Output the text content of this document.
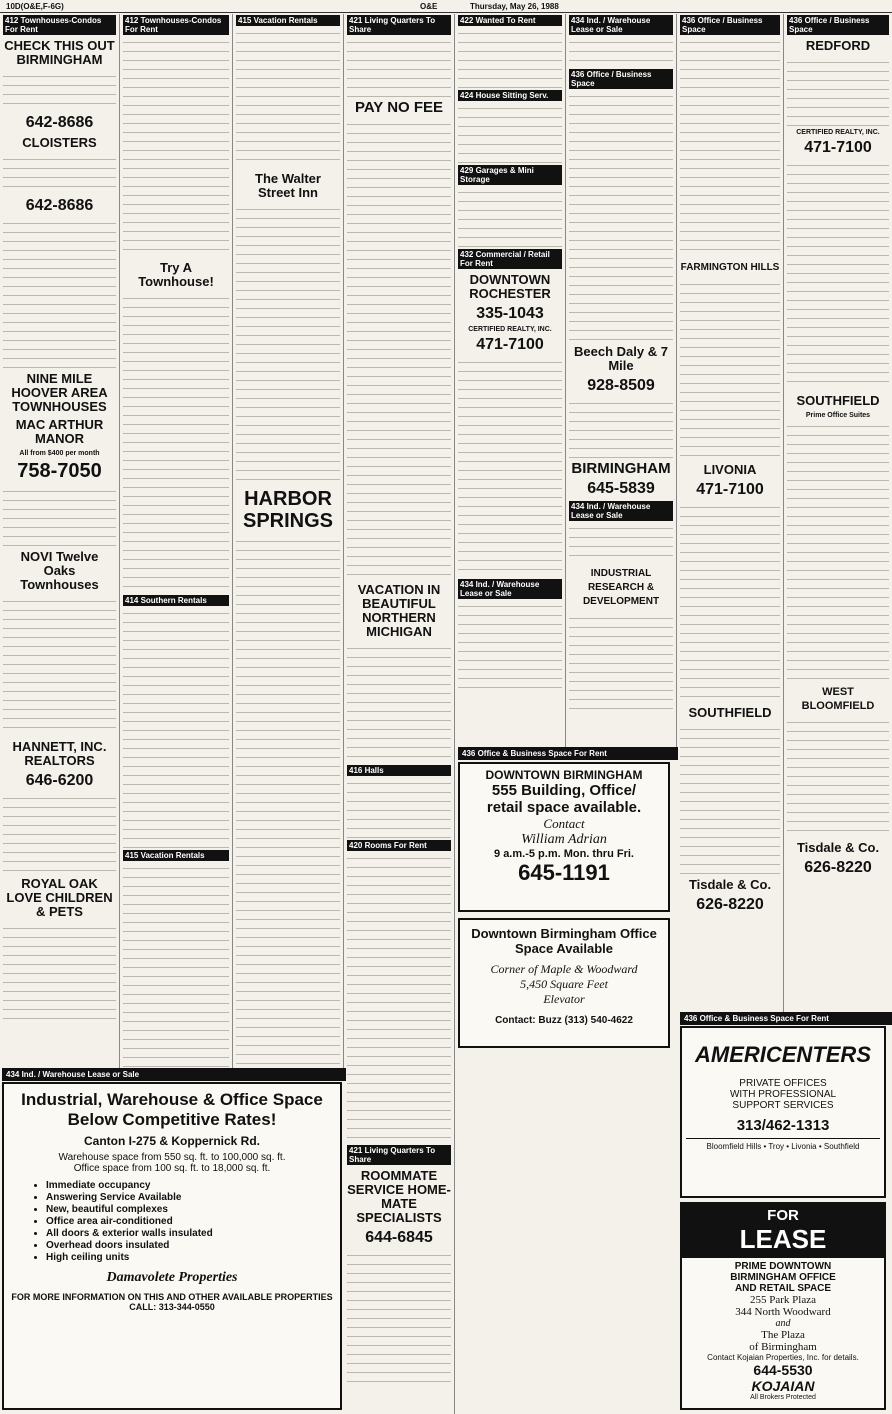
10D(O&E,F-6G)	O&E	Thursday, May 26, 1988
412 Townhouses-Condos For Rent
CHECK THIS OUT BIRMINGHAM
642-8686
CLOISTERS
642-8686
NINE MILE HOOVER AREA TOWNHOUSES
MAC ARTHUR MANOR
All from $400 per month
758-7050
NOVI Twelve Oaks Townhouses
HANNETT, INC. REALTORS
646-6200
ROYAL OAK LOVE CHILDREN & PETS
412 Townhouses-Condos For Rent
Try A Townhouse!
414 Southern Rentals
415 Vacation Rentals
415 Vacation Rentals
The Walter Street Inn
HARBOR SPRINGS
421 Living Quarters To Share
PAY NO FEE
VACATION IN BEAUTIFUL NORTHERN MICHIGAN
416 Halls
420 Rooms For Rent
421 Living Quarters To Share
ROOMMATE SERVICE HOME-MATE SPECIALISTS
644-6845
422 Wanted To Rent
424 House Sitting Serv.
429 Garages & Mini Storage
432 Commercial / Retail For Rent
DOWNTOWN ROCHESTER
335-1043
CERTIFIED REALTY, INC.
471-7100
434 Ind. / Warehouse Lease or Sale
434 Ind. / Warehouse Lease or Sale
436 Office / Business Space
Beech Daly & 7 Mile
928-8509
BIRMINGHAM
645-5839
434 Ind. / Warehouse Lease or Sale
INDUSTRIAL RESEARCH & DEVELOPMENT
436 Office / Business Space
FARMINGTON HILLS
LIVONIA
471-7100
SOUTHFIELD
Tisdale & Co.
626-8220
436 Office / Business Space
REDFORD
CERTIFIED REALTY, INC.
471-7100
SOUTHFIELD
Prime Office Suites
WEST BLOOMFIELD
Tisdale & Co.
626-8220
434 Ind. / Warehouse Lease or Sale
436 Office & Business Space For Rent
436 Office & Business Space For Rent
Industrial, Warehouse & Office Space
Below Competitive Rates!
Canton I-275 & Koppernick Rd.
Warehouse space from 550 sq. ft. to 100,000 sq. ft.
Office space from 100 sq. ft. to 18,000 sq. ft.
• Immediate occupancy
• Answering Service Available
• New, beautiful complexes
• Office area air-conditioned
• All doors & exterior walls insulated
• Overhead doors insulated
• High ceiling units
Damavolete Properties
FOR MORE INFORMATION ON THIS AND OTHER AVAILABLE PROPERTIES CALL: 313-344-0550
DOWNTOWN BIRMINGHAM
555 Building, Office/
retail space available.
Contact
William Adrian
9 a.m.-5 p.m. Mon. thru Fri.
645-1191
Downtown Birmingham Office Space Available
Corner of Maple & Woodward
5,450 Square Feet
Elevator
Contact: Buzz (313) 540-4622
AMERICENTERS
PRIVATE OFFICES
WITH PROFESSIONAL
SUPPORT SERVICES
313/462-1313
Bloomfield Hills • Troy • Livonia • Southfield
FOR
LEASE
PRIME DOWNTOWN
BIRMINGHAM OFFICE
AND RETAIL SPACE
255 Park Plaza
344 North Woodward
and
The Plaza
of Birmingham
Contact Kojaian Properties, Inc. for details.
644-5530
KOJAIAN
All Brokers Protected
